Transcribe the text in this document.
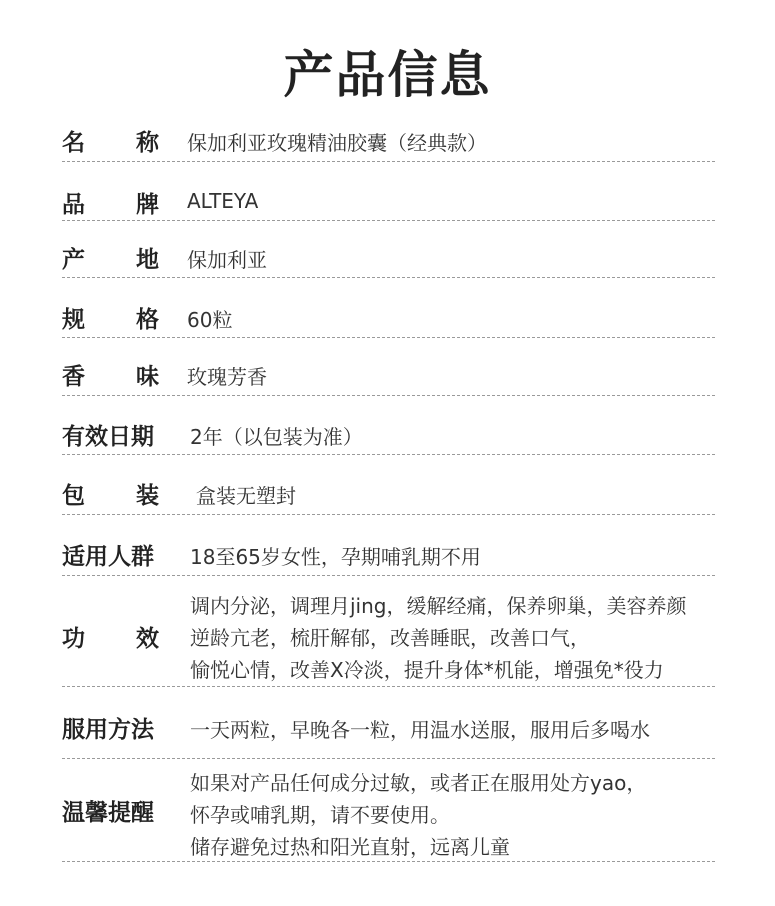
产品信息
名称 保加利亚玫瑰精油胶囊（经典款）
品牌 ALTEYA
产地 保加利亚
规格 60粒
香味 玫瑰芳香
有效日期 2年（以包装为准）
包装 盒装无塑封
适用人群 18至65岁女性，孕期哺乳期不用
功效
调内分泌，调理月jing，缓解经痛，保养卵巢，美容养颜
逆龄亢老，梳肝解郁，改善睡眠，改善口气，
愉悦心情，改善X冷淡，提升身体*机能，增强免*役力
服用方法 一天两粒，早晚各一粒，用温水送服，服用后多喝水
温馨提醒
如果对产品任何成分过敏，或者正在服用处方yao，
怀孕或哺乳期，请不要使用。
储存避免过热和阳光直射，远离儿童
